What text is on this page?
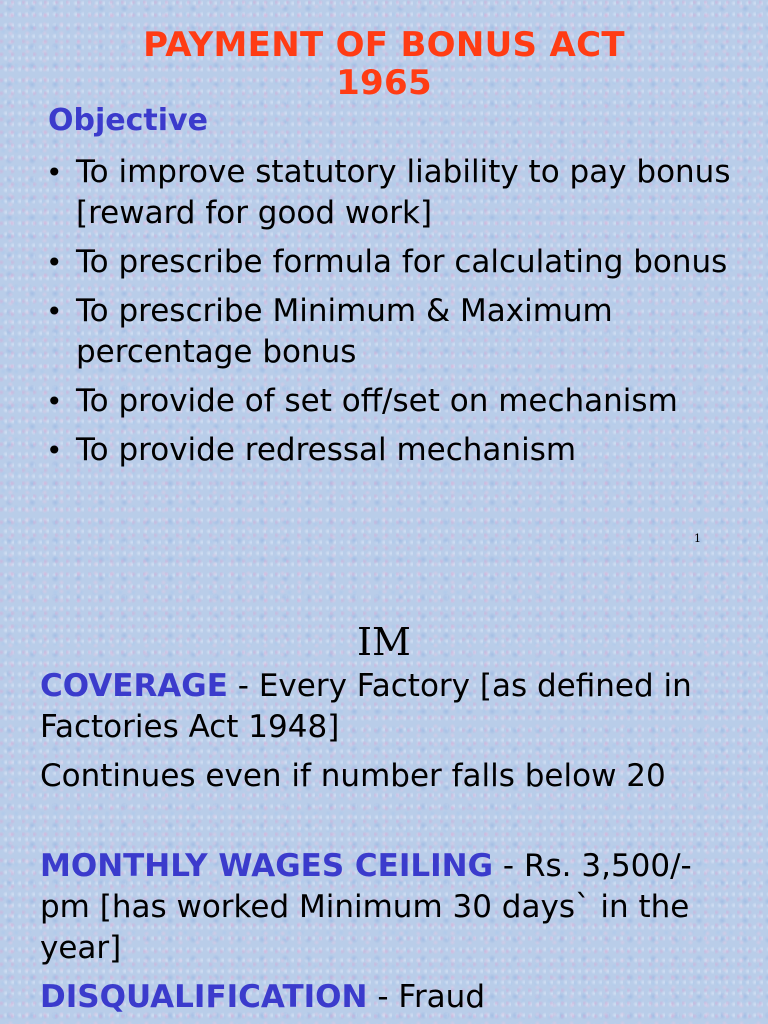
PAYMENT OF BONUS ACT
1965
Objective
• To improve statutory liability to pay bonus [reward for good work]
• To prescribe formula for calculating bonus
• To prescribe Minimum & Maximum percentage bonus
• To provide of set off/set on mechanism
• To provide redressal mechanism
1
IM

COVERAGE - Every Factory [as defined in Factories Act 1948]

Continues even if number falls below 20

MONTHLY WAGES CEILING - Rs. 3,500/- pm [has worked Minimum 30 days` in the year]

DISQUALIFICATION - Fraud
